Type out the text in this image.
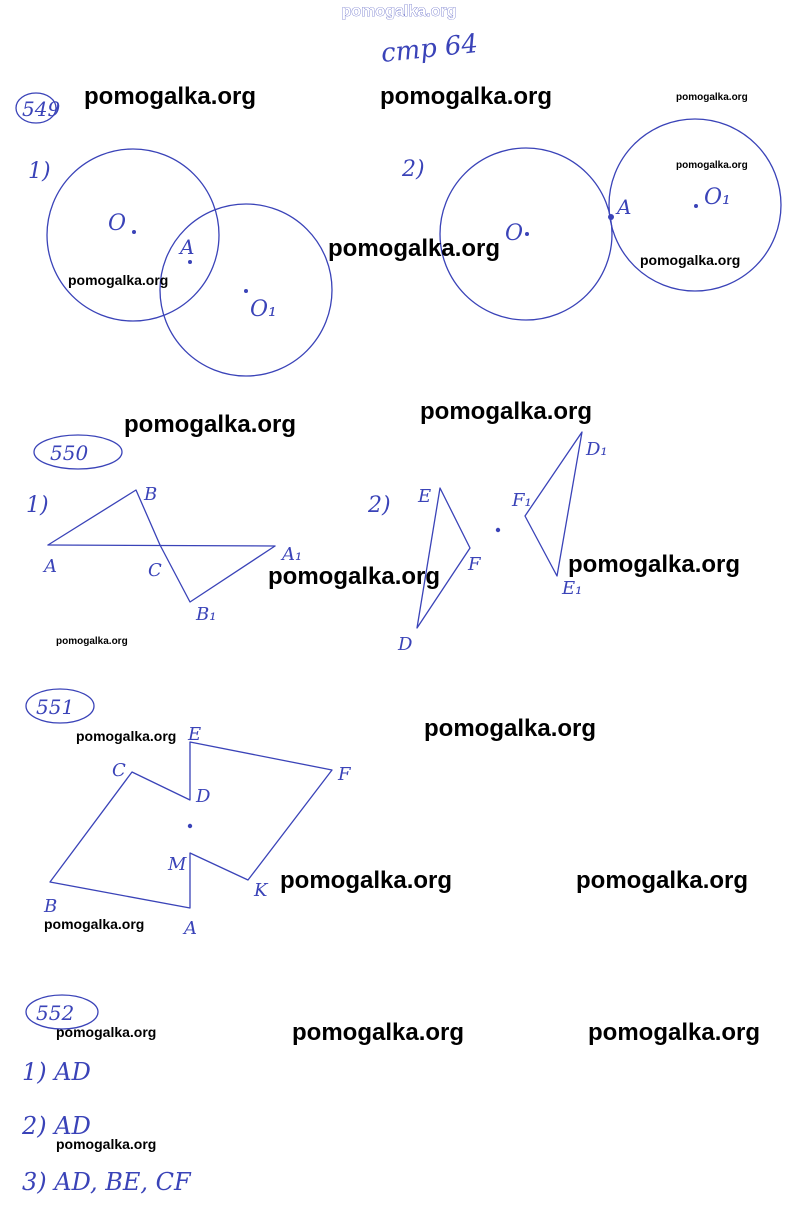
pomogalka.org
стр 64
549
1)
O
A
O₁
2)
O
A	O₁
550
1)
A
B
C
A₁
B₁
2) E
F
D
D₁
F₁
E₁
551
E
C
D
F
M
K
B
A
552
1) AD
2) AD
3) AD, BE, CF
pomogalka.org	pomogalka.org	pomogalka.org
pomogalka.org
pomogalka.org	pomogalka.org
pomogalka.org
pomogalka.org
pomogalka.org
pomogalka.org
pomogalka.org
pomogalka.org
pomogalka.org
pomogalka.org
pomogalka.org	pomogalka.org
pomogalka.org
pomogalka.org	pomogalka.org	pomogalka.org
pomogalka.org
